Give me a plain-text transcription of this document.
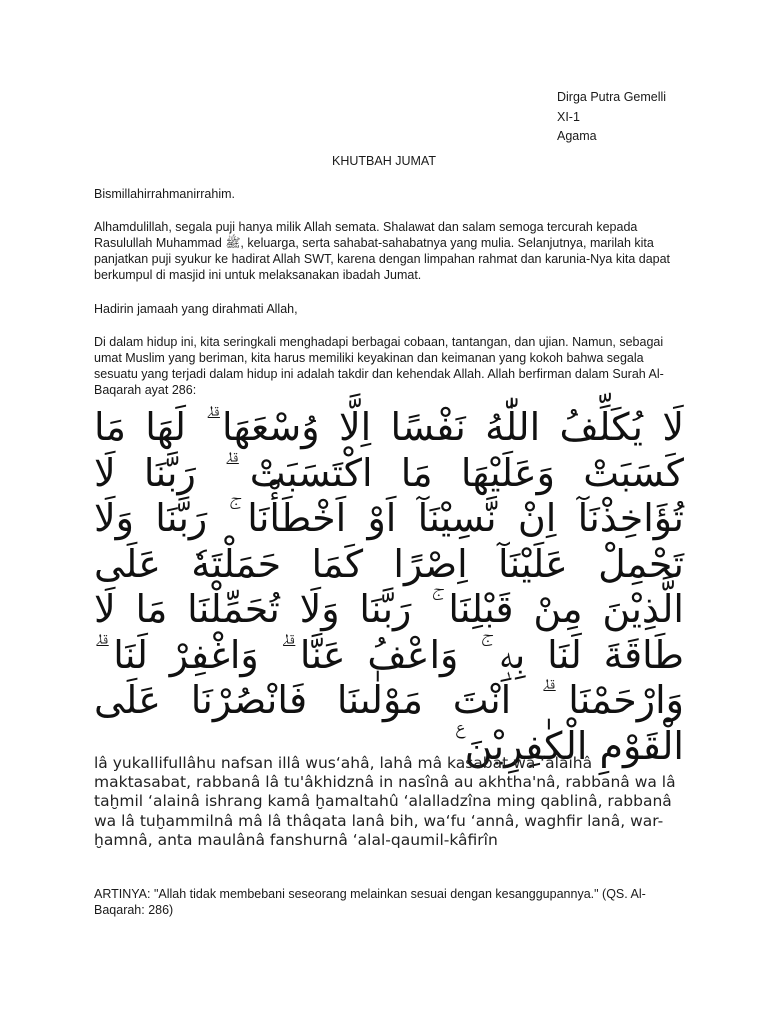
Dirga Putra Gemelli
XI-1
Agama
KHUTBAH JUMAT
Bismillahirrahmanirrahim.
Alhamdulillah, segala puji hanya milik Allah semata. Shalawat dan salam semoga tercurah kepada Rasulullah Muhammad ﷺ, keluarga, serta sahabat-sahabatnya yang mulia. Selanjutnya, marilah kita panjatkan puji syukur ke hadirat Allah SWT, karena dengan limpahan rahmat dan karunia-Nya kita dapat berkumpul di masjid ini untuk melaksanakan ibadah Jumat.
Hadirin jamaah yang dirahmati Allah,
Di dalam hidup ini, kita seringkali menghadapi berbagai cobaan, tantangan, dan ujian. Namun, sebagai umat Muslim yang beriman, kita harus memiliki keyakinan dan keimanan yang kokoh bahwa segala sesuatu yang terjadi dalam hidup ini adalah takdir dan kehendak Allah. Allah berfirman dalam Surah Al-Baqarah ayat 286:
لَا يُكَلِّفُ اللّٰهُ نَفْسًا اِلَّا وُسْعَهَا ۗ لَهَا مَا كَسَبَتْ وَعَلَيْهَا مَا اكْتَسَبَتْ ۗ رَبَّنَا لَا تُؤَاخِذْنَآ اِنْ نَّسِيْنَآ اَوْ اَخْطَأْنَا ۚ رَبَّنَا وَلَا تَحْمِلْ عَلَيْنَآ اِصْرًا كَمَا حَمَلْتَهٗ عَلَى الَّذِيْنَ مِنْ قَبْلِنَا ۚ رَبَّنَا وَلَا تُحَمِّلْنَا مَا لَا طَاقَةَ لَنَا بِهٖ ۚ وَاعْفُ عَنَّا ۗ وَاغْفِرْ لَنَا ۗ وَارْحَمْنَا ۗ اَنْتَ مَوْلٰىنَا فَانْصُرْنَا عَلَى الْقَوْمِ الْكٰفِرِيْنَ ࣖ
lâ yukallifullâhu nafsan illâ wus‘ahâ, lahâ mâ kasabat wa ‘alaihâ maktasabat, rabbanâ lâ tu'âkhidznâ in nasînâ au akhtha'nâ, rabbanâ wa lâ taḫmil ‘alainâ ishrang kamâ ḫamaltahû ‘alalladzîna ming qablinâ, rabbanâ wa lâ tuḫammilnâ mâ lâ thâqata lanâ bih, wa‘fu ‘annâ, waghfir lanâ, war-ḫamnâ, anta maulânâ fanshurnâ ‘alal-qaumil-kâfirîn
ARTINYA: "Allah tidak membebani seseorang melainkan sesuai dengan kesanggupannya." (QS. Al-Baqarah: 286)
